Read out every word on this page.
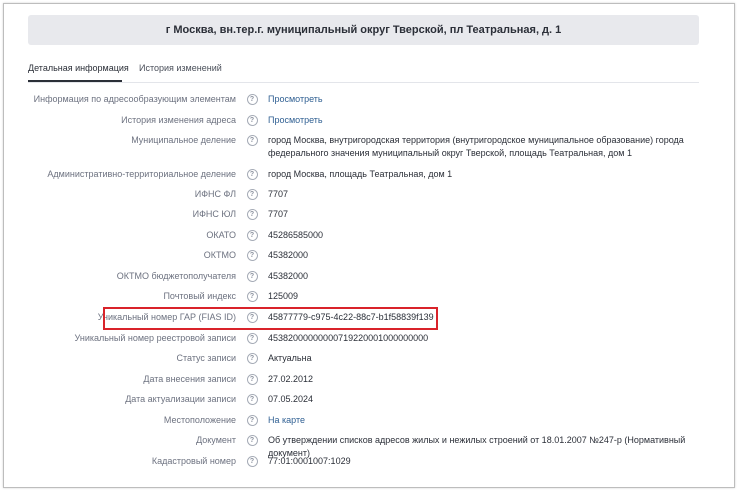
г Москва, вн.тер.г. муниципальный округ Тверской, пл Театральная, д. 1
Детальная информация История изменений
Информация по адресообразующим элементам	?	Просмотреть
История изменения адреса	?	Просмотреть
Муниципальное деление	?	город Москва, внутригородская территория (внутригородское муниципальное образование) города федерального значения муниципальный округ Тверской, площадь Театральная, дом 1
Административно-территориальное деление	?	город Москва, площадь Театральная, дом 1
ИФНС ФЛ	?	7707
ИФНС ЮЛ	?	7707
ОКАТО	?	45286585000
ОКТМО	?	45382000
ОКТМО бюджетополучателя	?	45382000
Почтовый индекс	?	125009
Уникальный номер ГАР (FIAS ID)	?	45877779-c975-4c22-88c7-b1f58839f139
Уникальный номер реестровой записи	?	45382000000000719220001000000000
Статус записи	?	Актуальна
Дата внесения записи	?	27.02.2012
Дата актуализации записи	?	07.05.2024
Местоположение	?	На карте
Документ	?	Об утверждении списков адресов жилых и нежилых строений от 18.01.2007 №247-р (Нормативный документ)
Кадастровый номер	?	77:01:0001007:1029
